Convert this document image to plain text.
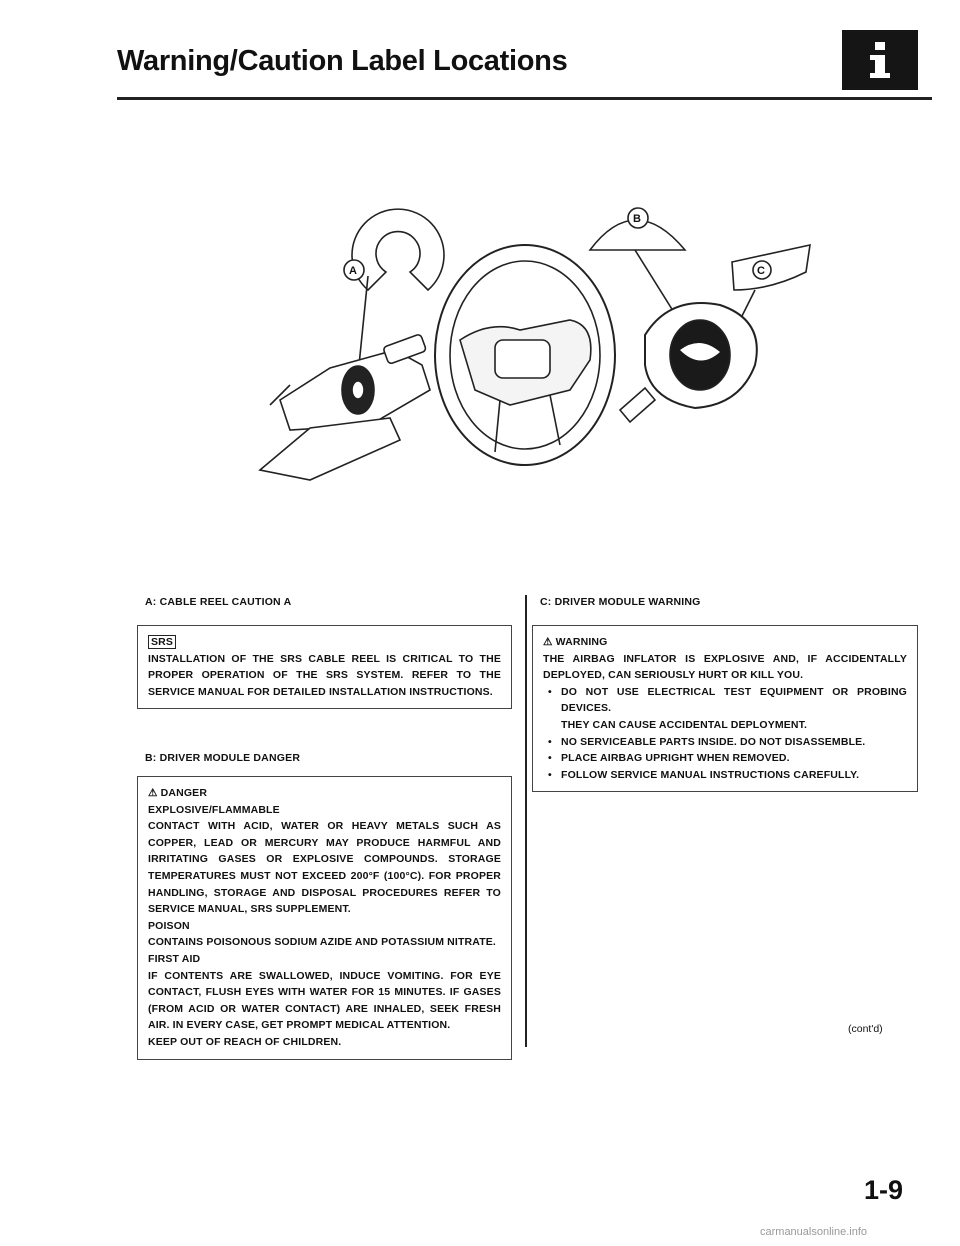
Warning/Caution Label Locations
A
B
C
A: CABLE REEL CAUTION A
SRS
INSTALLATION OF THE SRS CABLE REEL IS CRITICAL TO THE PROPER OPERATION OF THE SRS SYSTEM. REFER TO THE SERVICE MANUAL FOR DETAILED INSTALLATION INSTRUCTIONS.
B: DRIVER MODULE DANGER
⚠ DANGER
EXPLOSIVE/FLAMMABLE
CONTACT WITH ACID, WATER OR HEAVY METALS SUCH AS COPPER, LEAD OR MERCURY MAY PRODUCE HARMFUL AND IRRITATING GASES OR EXPLOSIVE COMPOUNDS. STORAGE TEMPERATURES MUST NOT EXCEED 200°F (100°C). FOR PROPER HANDLING, STORAGE AND DISPOSAL PROCEDURES REFER TO SERVICE MANUAL, SRS SUPPLEMENT.
POISON
CONTAINS POISONOUS SODIUM AZIDE AND POTASSIUM NITRATE.
FIRST AID
IF CONTENTS ARE SWALLOWED, INDUCE VOMITING. FOR EYE CONTACT, FLUSH EYES WITH WATER FOR 15 MINUTES. IF GASES (FROM ACID OR WATER CONTACT) ARE INHALED, SEEK FRESH AIR. IN EVERY CASE, GET PROMPT MEDICAL ATTENTION.
KEEP OUT OF REACH OF CHILDREN.
C: DRIVER MODULE WARNING
⚠ WARNING
THE AIRBAG INFLATOR IS EXPLOSIVE AND, IF ACCIDENTALLY DEPLOYED, CAN SERIOUSLY HURT OR KILL YOU.
• DO NOT USE ELECTRICAL TEST EQUIPMENT OR PROBING DEVICES.
THEY CAN CAUSE ACCIDENTAL DEPLOYMENT.
• NO SERVICEABLE PARTS INSIDE. DO NOT DISASSEMBLE.
• PLACE AIRBAG UPRIGHT WHEN REMOVED.
• FOLLOW SERVICE MANUAL INSTRUCTIONS CAREFULLY.
(cont'd)
1-9
carmanualsonline.info
